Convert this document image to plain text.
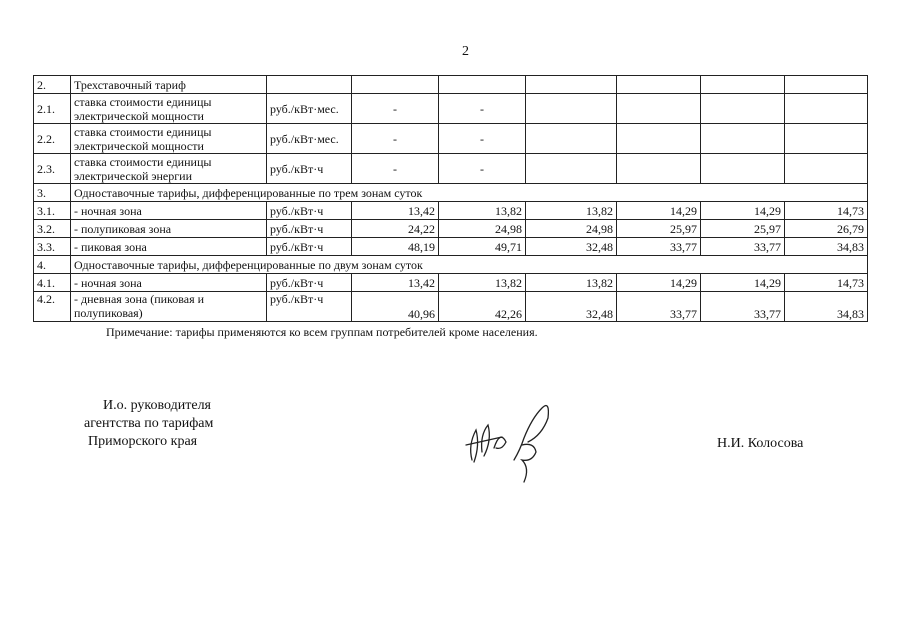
2
2.	Трехставочный тариф							
2.1.	ставка стоимости единицы электрической мощности	руб./кВт·мес.	-	-				
2.2.	ставка стоимости единицы электрической мощности	руб./кВт·мес.	-	-				
2.3.	ставка стоимости единицы электрической энергии	руб./кВт·ч	-	-				
3.	Одноставочные тарифы, дифференцированные по трем зонам суток							
3.1.	- ночная зона	руб./кВт·ч	13,42	13,82	13,82	14,29	14,29	14,73
3.2.	- полупиковая зона	руб./кВт·ч	24,22	24,98	24,98	25,97	25,97	26,79
3.3.	- пиковая зона	руб./кВт·ч	48,19	49,71	32,48	33,77	33,77	34,83
4.	Одноставочные тарифы, дифференцированные по двум зонам суток							
4.1.	- ночная зона	руб./кВт·ч	13,42	13,82	13,82	14,29	14,29	14,73
4.2.	- дневная зона (пиковая и полупиковая)	руб./кВт·ч	40,96	42,26	32,48	33,77	33,77	34,83
Примечание: тарифы применяются ко всем группам потребителей кроме населения.
И.о. руководителя
агентства по тарифам
Приморского края	Н.И. Колосова
